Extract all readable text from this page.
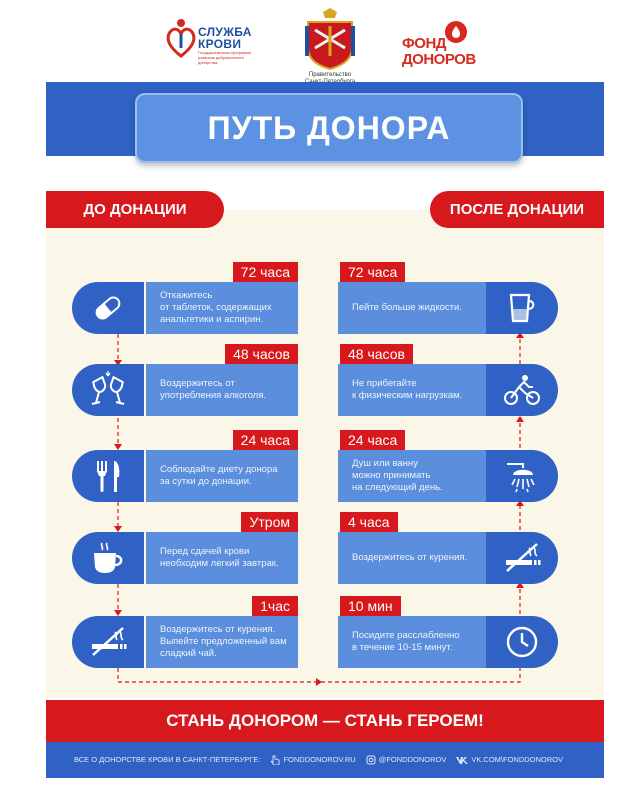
СЛУЖБА
КРОВИ
Государственная программа развития добровольного донорства
Правительство
ФОНД
ДОНОРОВ
ПУТЬ ДОНОРА
ДО ДОНАЦИИ	ПОСЛЕ ДОНАЦИИ
72 часа
Откажитесь
от таблеток, содержащих
анальгетики и аспирин.
48 часов
Воздержитесь от
употребления алкоголя.
24 часа
Соблюдайте диету донора
за сутки до донации.
Утром
Перед сдачей крови
необходим легкий завтрак.
1час
Воздержитесь от курения.
Выпейте предложенный вам
сладкий чай.
72 часа
Пейте больше жидкости.
48 часов
Не прибегайте
к физическим нагрузкам.
24 часа
Душ или ванну
можно принимать
на следующий день.
4 часа
Воздержитесь от курения.
10 мин
Посидите расслабленно
в течение 10-15 минут.
СТАНЬ ДОНОРОМ — СТАНЬ ГЕРОЕМ!
ВСЕ О ДОНОРСТВЕ КРОВИ В САНКТ-ПЕТЕРБУРГЕ:	FONDDONOROV.RU	@FONDDONOROV	VK.COM\FONDDONOROV
